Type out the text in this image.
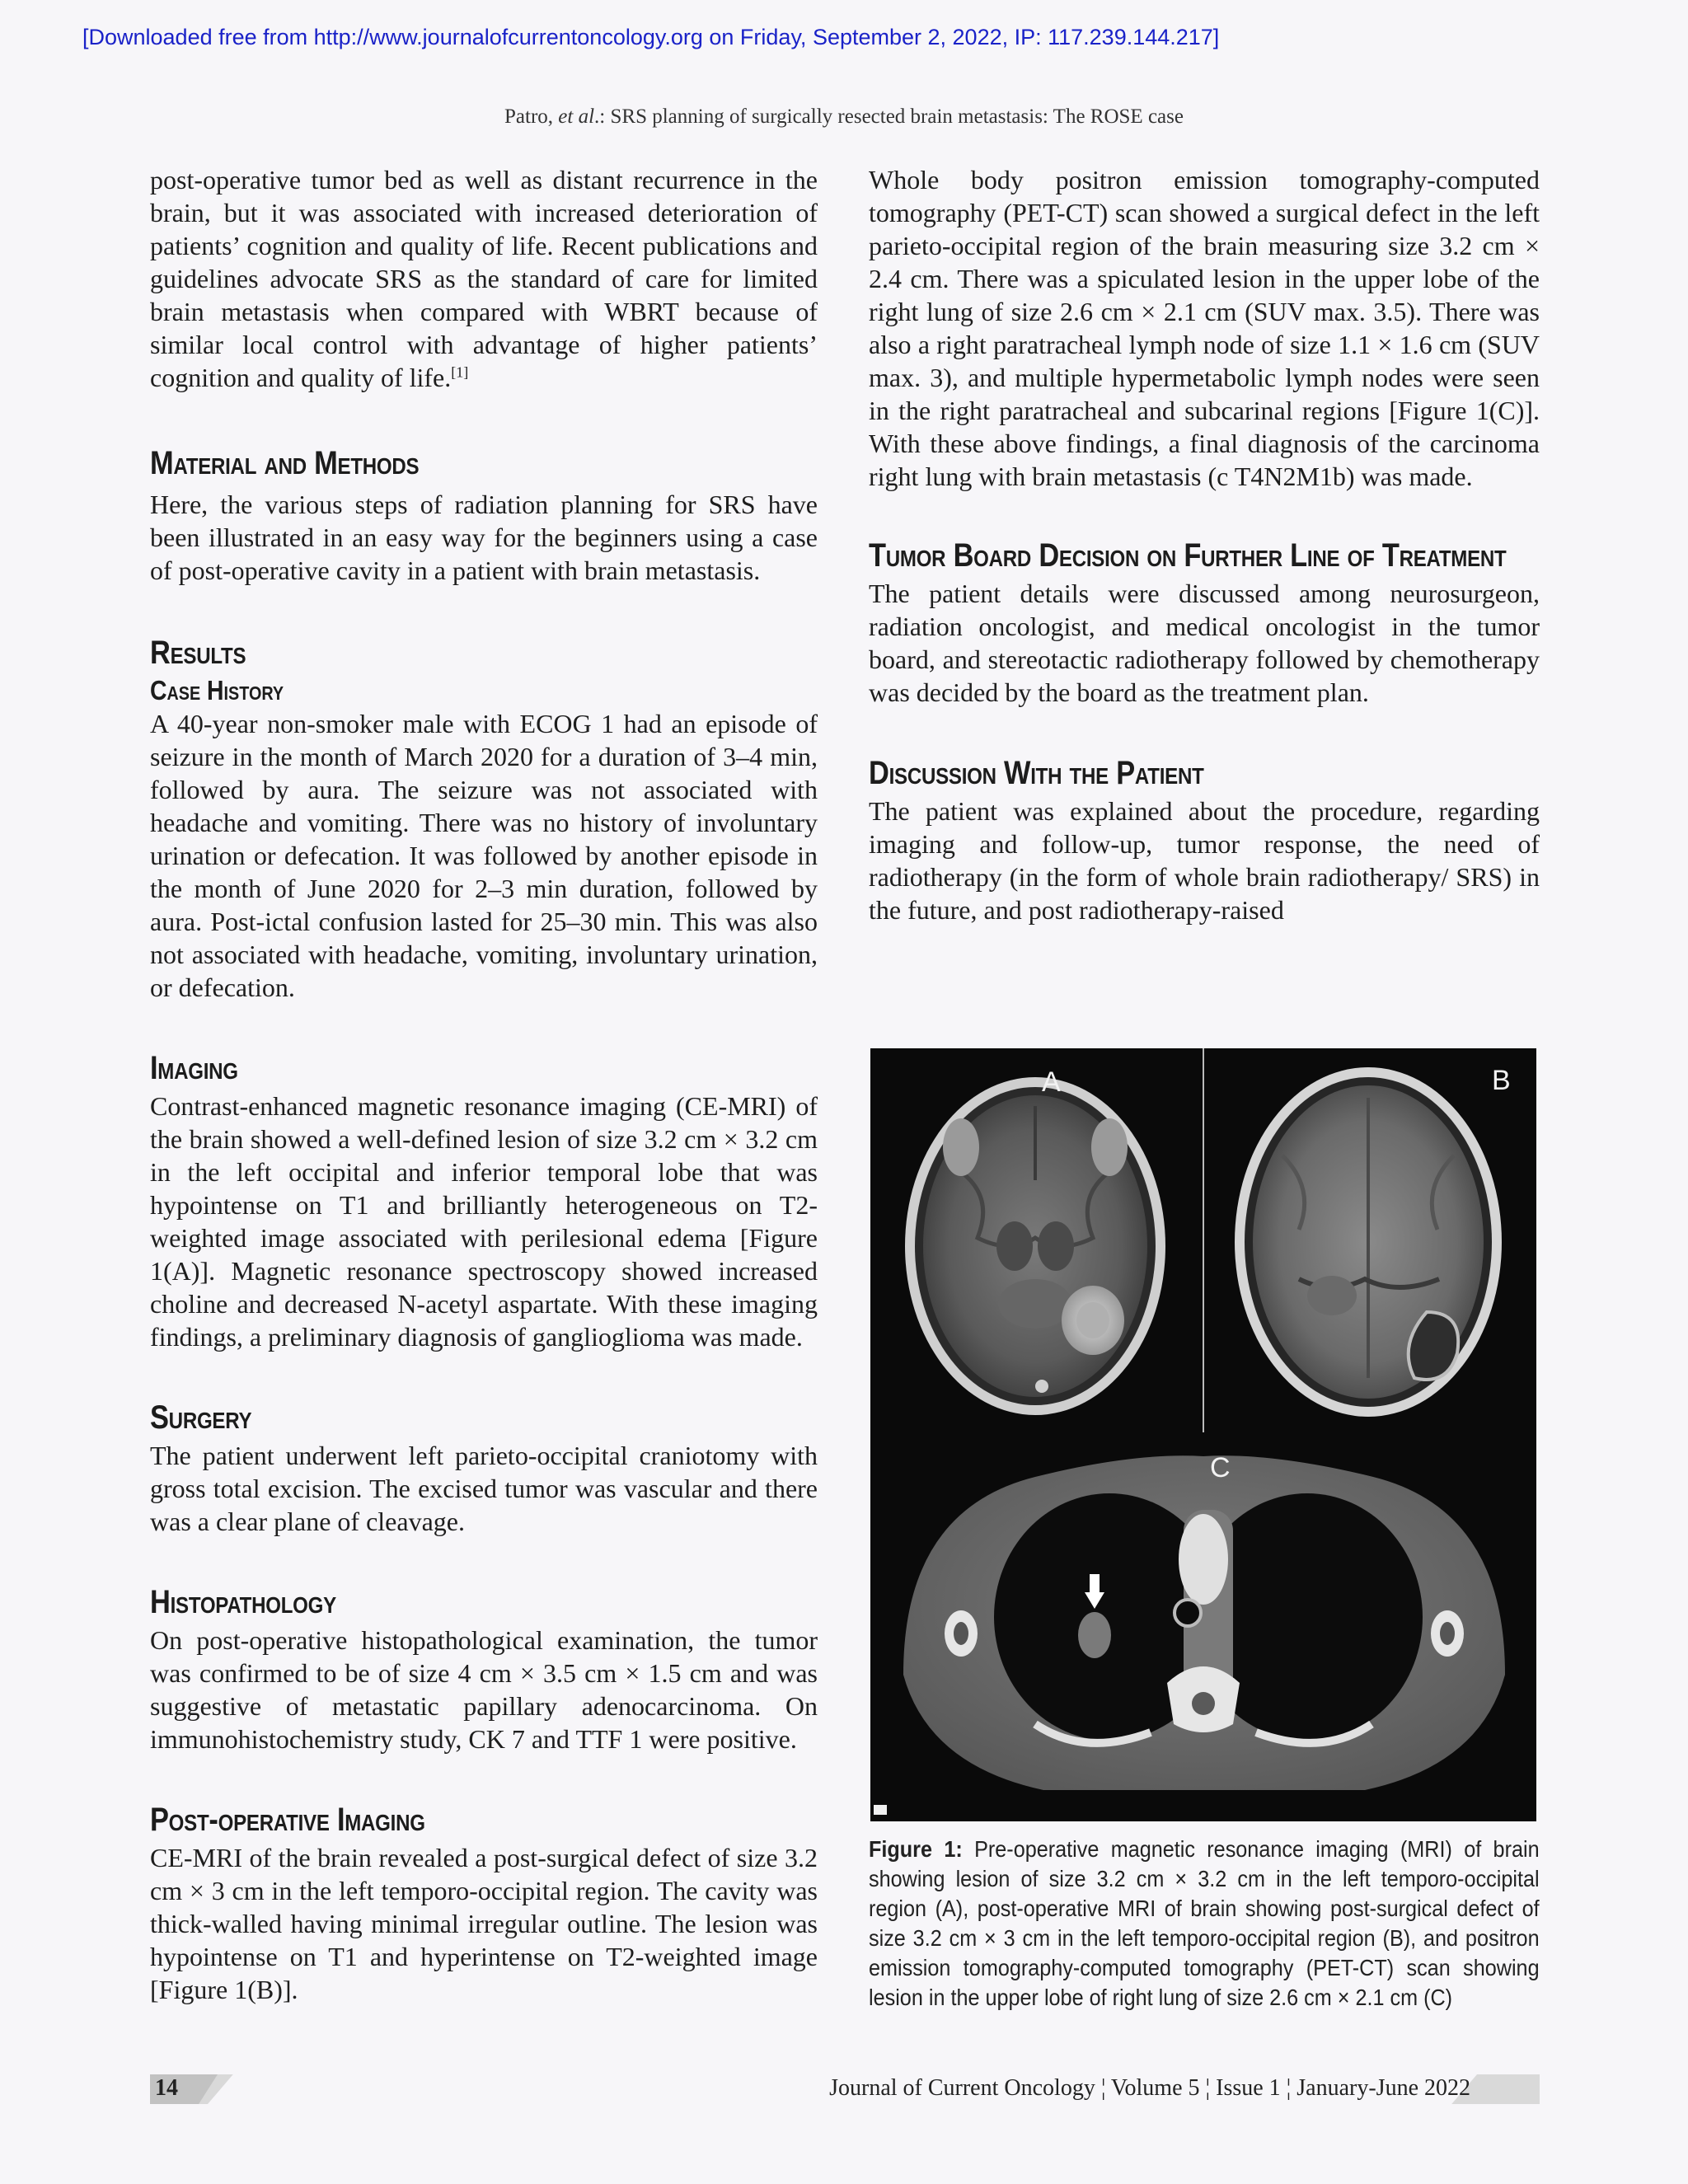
[Downloaded free from http://www.journalofcurrentoncology.org on Friday, September 2, 2022, IP: 117.239.144.217]
Patro, et al.: SRS planning of surgically resected brain metastasis: The ROSE case

post-operative tumor bed as well as distant recurrence in the brain, but it was associated with increased deterioration of patients’ cognition and quality of life. Recent publications and guidelines advocate SRS as the standard of care for limited brain metastasis when compared with WBRT because of similar local control with advantage of higher patients’ cognition and quality of life.[1]

Material and Methods

Here, the various steps of radiation planning for SRS have been illustrated in an easy way for the beginners using a case of post-operative cavity in a patient with brain metastasis.

Results
Case History

A 40-year non-smoker male with ECOG 1 had an episode of seizure in the month of March 2020 for a duration of 3–4 min, followed by aura. The seizure was not associated with headache and vomiting. There was no history of involuntary urination or defecation. It was followed by another episode in the month of June 2020 for 2–3 min duration, followed by aura. Post-ictal confusion lasted for 25–30 min. This was also not associated with headache, vomiting, involuntary urination, or defecation.

Imaging

Contrast-enhanced magnetic resonance imaging (CE-MRI) of the brain showed a well-defined lesion of size 3.2 cm × 3.2 cm in the left occipital and inferior temporal lobe that was hypointense on T1 and brilliantly heterogeneous on T2-weighted image associated with perilesional edema [Figure 1(A)]. Magnetic resonance spectroscopy showed increased choline and decreased N-acetyl aspartate. With these imaging findings, a preliminary diagnosis of ganglioglioma was made.

Surgery

The patient underwent left parieto-occipital craniotomy with gross total excision. The excised tumor was vascular and there was a clear plane of cleavage.

Histopathology

On post-operative histopathological examination, the tumor was confirmed to be of size 4 cm × 3.5 cm × 1.5 cm and was suggestive of metastatic papillary adenocarcinoma. On immunohistochemistry study, CK 7 and TTF 1 were positive.

Post-operative Imaging

CE-MRI of the brain revealed a post-surgical defect of size 3.2 cm × 3 cm in the left temporo-occipital region. The cavity was thick-walled having minimal irregular outline. The lesion was hypointense on T1 and hyperintense on T2-weighted image [Figure 1(B)].

Whole body positron emission tomography-computed tomography (PET-CT) scan showed a surgical defect in the left parieto-occipital region of the brain measuring size 3.2 cm × 2.4 cm. There was a spiculated lesion in the upper lobe of the right lung of size 2.6 cm × 2.1 cm (SUV max. 3.5). There was also a right paratracheal lymph node of size 1.1 × 1.6 cm (SUV max. 3), and multiple hypermetabolic lymph nodes were seen in the right paratracheal and subcarinal regions [Figure 1(C)]. With these above findings, a final diagnosis of the carcinoma right lung with brain metastasis (c T4N2M1b) was made.

Tumor Board Decision on Further Line of Treatment

The patient details were discussed among neurosurgeon, radiation oncologist, and medical oncologist in the tumor board, and stereotactic radiotherapy followed by chemotherapy was decided by the board as the treatment plan.

Discussion With the Patient

The patient was explained about the procedure, regarding imaging and follow-up, tumor response, the need of radiotherapy (in the form of whole brain radiotherapy/ SRS) in the future, and post radiotherapy-raised

A	B
C
Figure 1: Pre-operative magnetic resonance imaging (MRI) of brain showing lesion of size 3.2 cm × 3.2 cm in the left temporo-occipital region (A), post-operative MRI of brain showing post-surgical defect of size 3.2 cm × 3 cm in the left temporo-occipital region (B), and positron emission tomography-computed tomography (PET-CT) scan showing lesion in the upper lobe of right lung of size 2.6 cm × 2.1 cm (C)
14	Journal of Current Oncology ¦ Volume 5 ¦ Issue 1 ¦ January-June 2022
